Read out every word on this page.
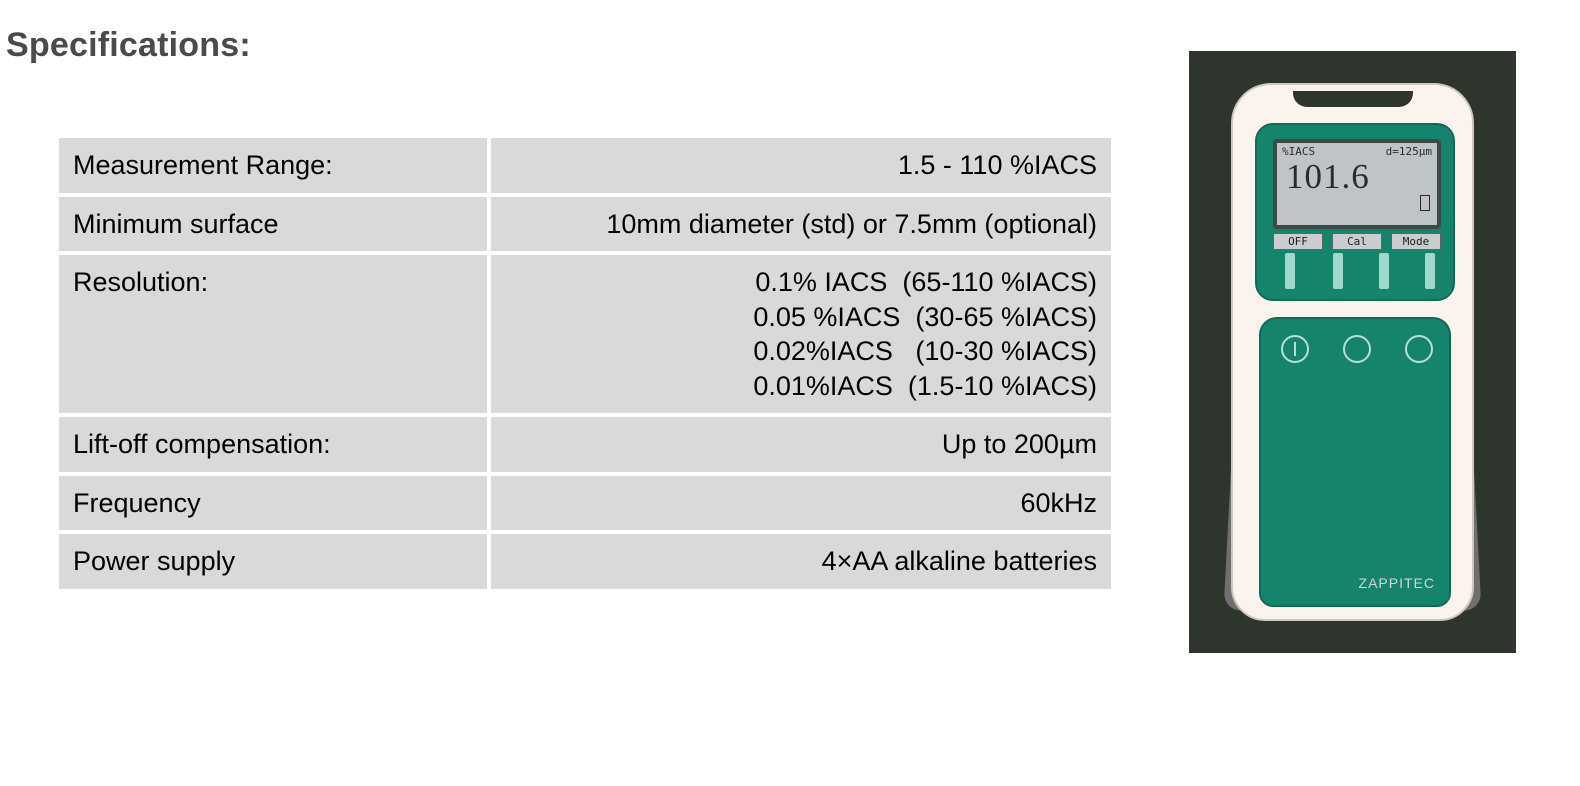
Specifications:
Measurement Range:	1.5 - 110 %IACS

Minimum surface	10mm diameter (std) or 7.5mm (optional)

Resolution:	0.1% IACS  (65-110 %IACS)
0.05 %IACS  (30-65 %IACS)
0.02%IACS   (10-30 %IACS)
0.01%IACS  (1.5-10 %IACS)

Lift-off compensation:	Up to 200µm

Frequency	60kHz

Power supply	4×AA alkaline batteries
%IACS	d=125µm
101.6
OFF	Cal	Mode
ZAPPITEC
